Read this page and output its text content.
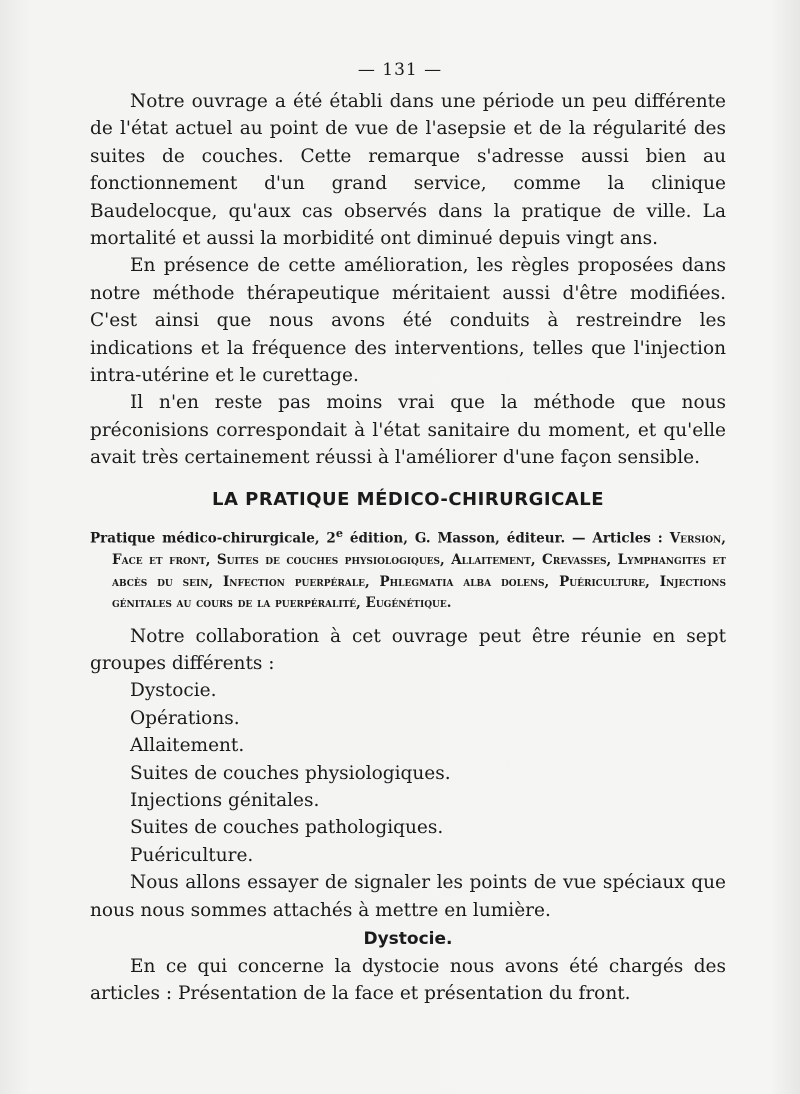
— 131 —

Notre ouvrage a été établi dans une période un peu différente de l'état actuel au point de vue de l'asepsie et de la régularité des suites de couches. Cette remarque s'adresse aussi bien au fonctionnement d'un grand service, comme la clinique Baudelocque, qu'aux cas observés dans la pratique de ville. La mortalité et aussi la morbidité ont diminué depuis vingt ans.

En présence de cette amélioration, les règles proposées dans notre méthode thérapeutique méritaient aussi d'être modifiées. C'est ainsi que nous avons été conduits à restreindre les indications et la fréquence des interventions, telles que l'injection intra-utérine et le curettage.

Il n'en reste pas moins vrai que la méthode que nous préconisions correspondait à l'état sanitaire du moment, et qu'elle avait très certainement réussi à l'améliorer d'une façon sensible.

LA PRATIQUE MÉDICO-CHIRURGICALE

Pratique médico-chirurgicale, 2e édition, G. Masson, éditeur. — Articles : Version, Face et front, Suites de couches physiologiques, Allaitement, Crevasses, Lymphangites et abcès du sein, Infection puerpérale, Phlegmatia alba dolens, Puériculture, Injections génitales au cours de la puerpéralité, Eugénétique.

Notre collaboration à cet ouvrage peut être réunie en sept groupes différents :

Dystocie.
Opérations.
Allaitement.
Suites de couches physiologiques.
Injections génitales.
Suites de couches pathologiques.
Puériculture.

Nous allons essayer de signaler les points de vue spéciaux que nous nous sommes attachés à mettre en lumière.

Dystocie.

En ce qui concerne la dystocie nous avons été chargés des articles : Présentation de la face et présentation du front.
